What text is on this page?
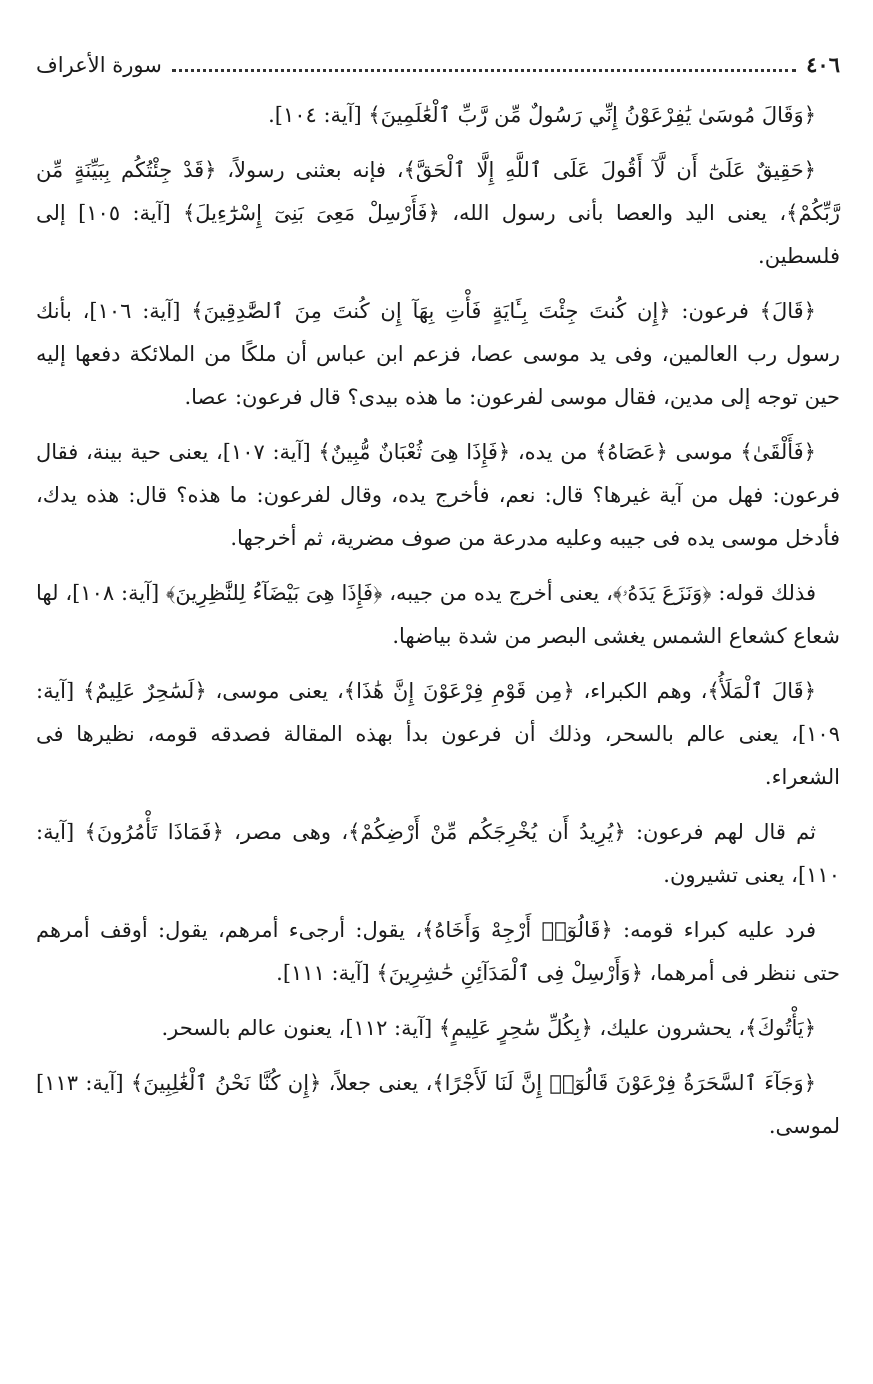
٤٠٦
سورة الأعراف

﴿وَقَالَ مُوسَىٰ يَٰفِرْعَوْنُ إِنِّي رَسُولٌ مِّن رَّبِّ ٱلْعَٰلَمِينَ﴾ [آية: ١٠٤].

﴿حَقِيقٌ عَلَىٰٓ أَن لَّآ أَقُولَ عَلَى ٱللَّهِ إِلَّا ٱلْحَقَّ﴾، فإنه بعثنى رسولاً، ﴿قَدْ جِئْتُكُم بِبَيِّنَةٍ مِّن رَّبِّكُمْ﴾، يعنى اليد والعصا بأنى رسول الله، ﴿فَأَرْسِلْ مَعِىَ بَنِىٓ إِسْرَٰٓءِيلَ﴾ [آية: ١٠٥] إلى فلسطين.

﴿قَالَ﴾ فرعون: ﴿إِن كُنتَ جِئْتَ بِـَٔايَةٍ فَأْتِ بِهَآ إِن كُنتَ مِنَ ٱلصَّٰدِقِينَ﴾ [آية: ١٠٦]، بأنك رسول رب العالمين، وفى يد موسى عصا، فزعم ابن عباس أن ملكًا من الملائكة دفعها إليه حين توجه إلى مدين، فقال موسى لفرعون: ما هذه بيدى؟ قال فرعون: عصا.

﴿فَأَلْقَىٰ﴾ موسى ﴿عَصَاهُ﴾ من يده، ﴿فَإِذَا هِىَ ثُعْبَانٌ مُّبِينٌ﴾ [آية: ١٠٧]، يعنى حية بينة، فقال فرعون: فهل من آية غيرها؟ قال: نعم، فأخرج يده، وقال لفرعون: ما هذه؟ قال: هذه يدك، فأدخل موسى يده فى جيبه وعليه مدرعة من صوف مضرية، ثم أخرجها.

فذلك قوله: ﴿وَنَزَعَ يَدَهُۥ﴾، يعنى أخرج يده من جيبه، ﴿فَإِذَا هِىَ بَيْضَآءُ لِلنَّٰظِرِينَ﴾ [آية: ١٠٨]، لها شعاع كشعاع الشمس يغشى البصر من شدة بياضها.

﴿قَالَ ٱلْمَلَأُ﴾، وهم الكبراء، ﴿مِن قَوْمِ فِرْعَوْنَ إِنَّ هَٰذَا﴾، يعنى موسى، ﴿لَسَٰحِرٌ عَلِيمٌ﴾ [آية: ١٠٩]، يعنى عالم بالسحر، وذلك أن فرعون بدأ بهذه المقالة فصدقه قومه، نظيرها فى الشعراء.

ثم قال لهم فرعون: ﴿يُرِيدُ أَن يُخْرِجَكُم مِّنْ أَرْضِكُمْ﴾، وهى مصر، ﴿فَمَاذَا تَأْمُرُونَ﴾ [آية: ١١٠]، يعنى تشيرون.

فرد عليه كبراء قومه: ﴿قَالُوٓا۟ أَرْجِهْ وَأَخَاهُ﴾، يقول: أرجىء أمرهم، يقول: أوقف أمرهم حتى ننظر فى أمرهما، ﴿وَأَرْسِلْ فِى ٱلْمَدَآئِنِ حَٰشِرِينَ﴾ [آية: ١١١].

﴿يَأْتُوكَ﴾، يحشرون عليك، ﴿بِكُلِّ سَٰحِرٍ عَلِيمٍ﴾ [آية: ١١٢]، يعنون عالم بالسحر.

﴿وَجَآءَ ٱلسَّحَرَةُ فِرْعَوْنَ قَالُوٓا۟ إِنَّ لَنَا لَأَجْرًا﴾، يعنى جعلاً، ﴿إِن كُنَّا نَحْنُ ٱلْغَٰلِبِينَ﴾ [آية: ١١٣] لموسى.
